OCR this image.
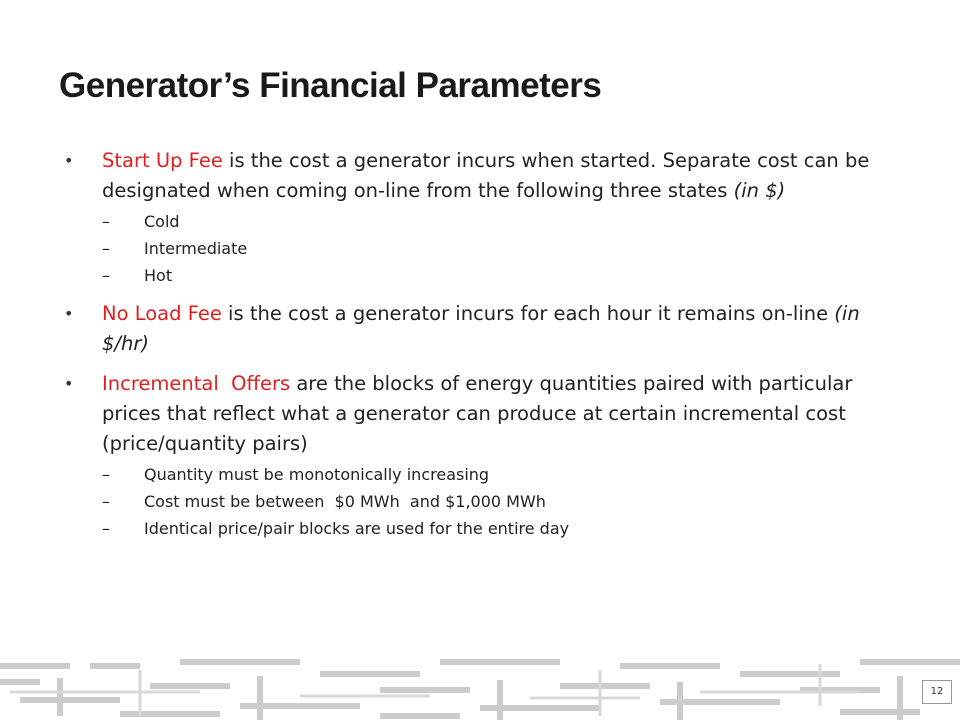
Generator’s Financial Parameters
• Start Up Fee is the cost a generator incurs when started. Separate cost can be designated when coming on-line from the following three states (in $)
– Cold
– Intermediate
– Hot
• No Load Fee is the cost a generator incurs for each hour it remains on-line (in $/hr)
• Incremental  Offers are the blocks of energy quantities paired with particular prices that reflect what a generator can produce at certain incremental cost (price/quantity pairs)
– Quantity must be monotonically increasing
– Cost must be between  $0 MWh  and $1,000 MWh
– Identical price/pair blocks are used for the entire day
12
